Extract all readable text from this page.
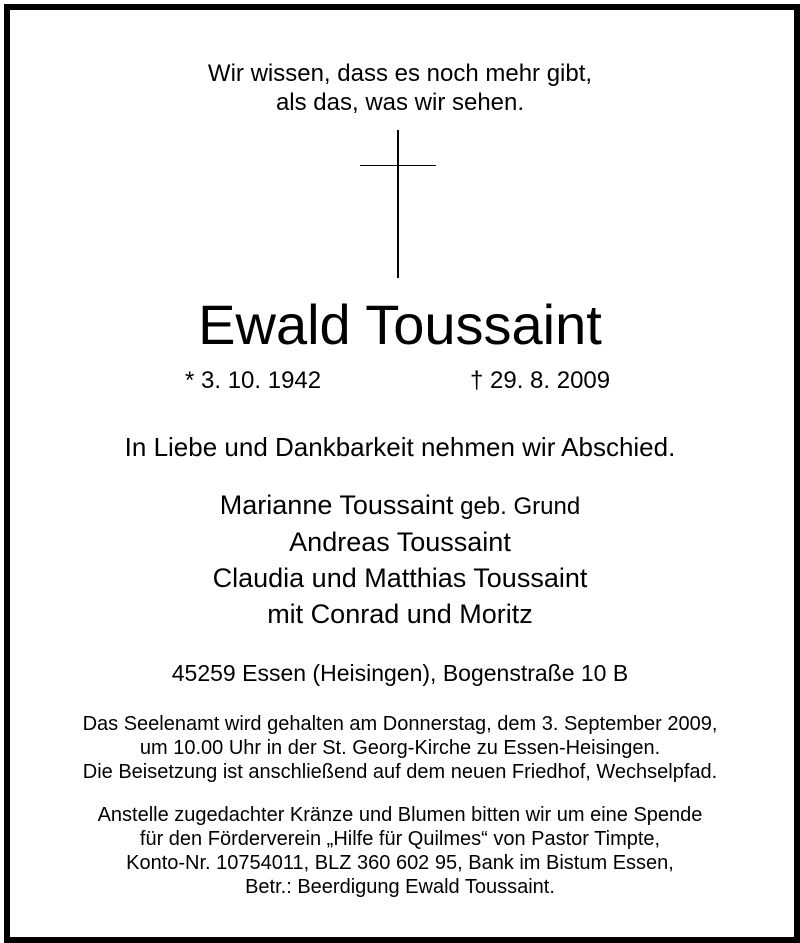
Wir wissen, dass es noch mehr gibt,
als das, was wir sehen.
Ewald Toussaint
* 3. 10. 1942	† 29. 8. 2009
In Liebe und Dankbarkeit nehmen wir Abschied.
Marianne Toussaint geb. Grund
Andreas Toussaint
Claudia und Matthias Toussaint
mit Conrad und Moritz
45259 Essen (Heisingen), Bogenstraße 10 B
Das Seelenamt wird gehalten am Donnerstag, dem 3. September 2009,
um 10.00 Uhr in der St. Georg-Kirche zu Essen-Heisingen.
Die Beisetzung ist anschließend auf dem neuen Friedhof, Wechselpfad.
Anstelle zugedachter Kränze und Blumen bitten wir um eine Spende
für den Förderverein „Hilfe für Quilmes“ von Pastor Timpte,
Konto-Nr. 10754011, BLZ 360 602 95, Bank im Bistum Essen,
Betr.: Beerdigung Ewald Toussaint.
